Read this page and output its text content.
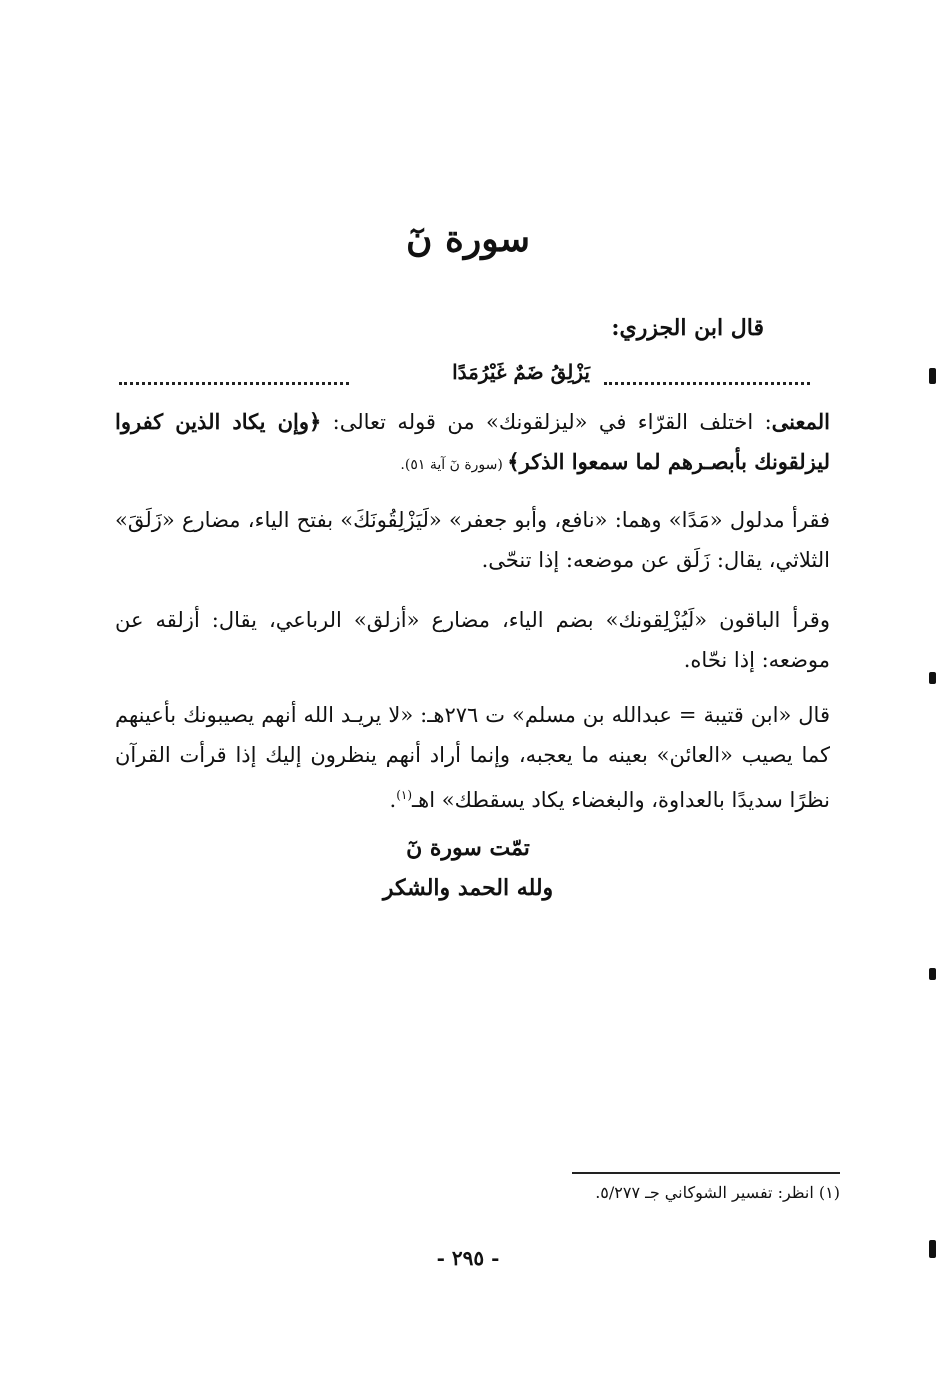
سورة نٓ
قال ابن الجزري:
يَزْلِقُ ضَمٌ غَيْرُمَدًا

المعنى: اختلف القرّاء في «ليزلقونك» من قوله تعالى: ﴿وإن يكاد الذين كفروا ليزلقونك بأبصـرهم لما سمعوا الذكر﴾ (سورة نٓ آية ٥١).

فقرأ مدلول «مَدًا» وهما: «نافع، وأبو جعفر» «لَيَزْلِقُونَكَ» بفتح الياء، مضارع «زَلَقَ» الثلاثي، يقال: زَلَق عن موضعه: إذا تنحّى.

وقرأ الباقون «لَيُزْلِقونك» بضم الياء، مضارع «أزلق» الرباعي، يقال: أزلقه عن موضعه: إذا نحّاه.

قال «ابن قتيبة = عبدالله بن مسلم» ت ٢٧٦هـ: «لا يريـد الله أنهم يصيبونك بأعينهم كما يصيب «العائن» بعينه ما يعجبه، وإنما أراد أنهم ينظرون إليك إذا قرأت القرآن نظرًا سديدًا بالعداوة، والبغضاء يكاد يسقطك» اهـ$^{(١)}$.

تمّت سورة نٓ
ولله الحمد والشكر
(١) انظر: تفسير الشوكاني جـ ٥/٢٧٧.
- ٢٩٥ -
